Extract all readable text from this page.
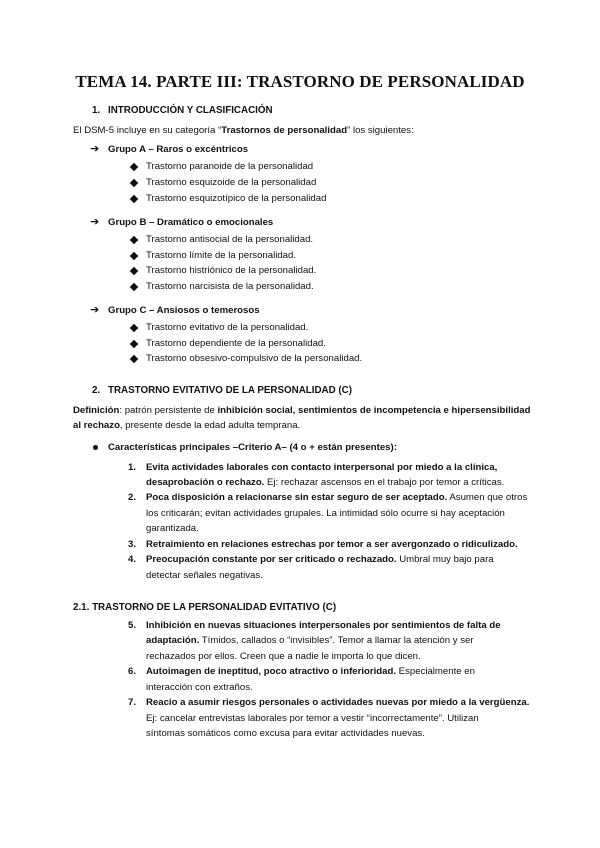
TEMA 14. PARTE III: TRASTORNO DE PERSONALIDAD
1. INTRODUCCIÓN Y CLASIFICACIÓN
El DSM-5 incluye en su categoría “Trastornos de personalidad” los siguientes:
➔ Grupo A – Raros o excéntricos
Trastorno paranoide de la personalidad
Trastorno esquizoide de la personalidad
Trastorno esquizotípico de la personalidad
➔ Grupo B – Dramático o emocionales
Trastorno antisocial de la personalidad.
Trastorno límite de la personalidad.
Trastorno histriónico de la personalidad.
Trastorno narcisista de la personalidad.
➔ Grupo C – Ansiosos o temerosos
Trastorno evitativo de la personalidad.
Trastorno dependiente de la personalidad.
Trastorno obsesivo-compulsivo de la personalidad.
2. TRASTORNO EVITATIVO DE LA PERSONALIDAD (C)
Definición: patrón persistente de inhibición social, sentimientos de incompetencia e hipersensibilidad
al rechazo, presente desde la edad adulta temprana.
Características principales –Criterio A– (4 o + están presentes):
1. Evita actividades laborales con contacto interpersonal por miedo a la clínica,
desaprobación o rechazo. Ej: rechazar ascensos en el trabajo por temor a críticas.
2. Poca disposición a relacionarse sin estar seguro de ser aceptado. Asumen que otros
los criticarán; evitan actividades grupales. La intimidad sólo ocurre si hay aceptación
garantizada.
3. Retraimiento en relaciones estrechas por temor a ser avergonzado o ridiculizado.
4. Preocupación constante por ser criticado o rechazado. Umbral muy bajo para
detectar señales negativas.
2.1. TRASTORNO DE LA PERSONALIDAD EVITATIVO (C)
5. Inhibición en nuevas situaciones interpersonales por sentimientos de falta de
adaptación. Tímidos, callados o “invisibles”. Temor a llamar la atención y ser
rechazados por ellos. Creen que a nadie le importa lo que dicen.
6. Autoimagen de ineptitud, poco atractivo o inferioridad. Especialmente en
interacción con extraños.
7. Reacio a asumir riesgos personales o actividades nuevas por miedo a la vergüenza.
Ej: cancelar entrevistas laborales por temor a vestir “incorrectamente”. Utilizan
síntomas somáticos como excusa para evitar actividades nuevas.
